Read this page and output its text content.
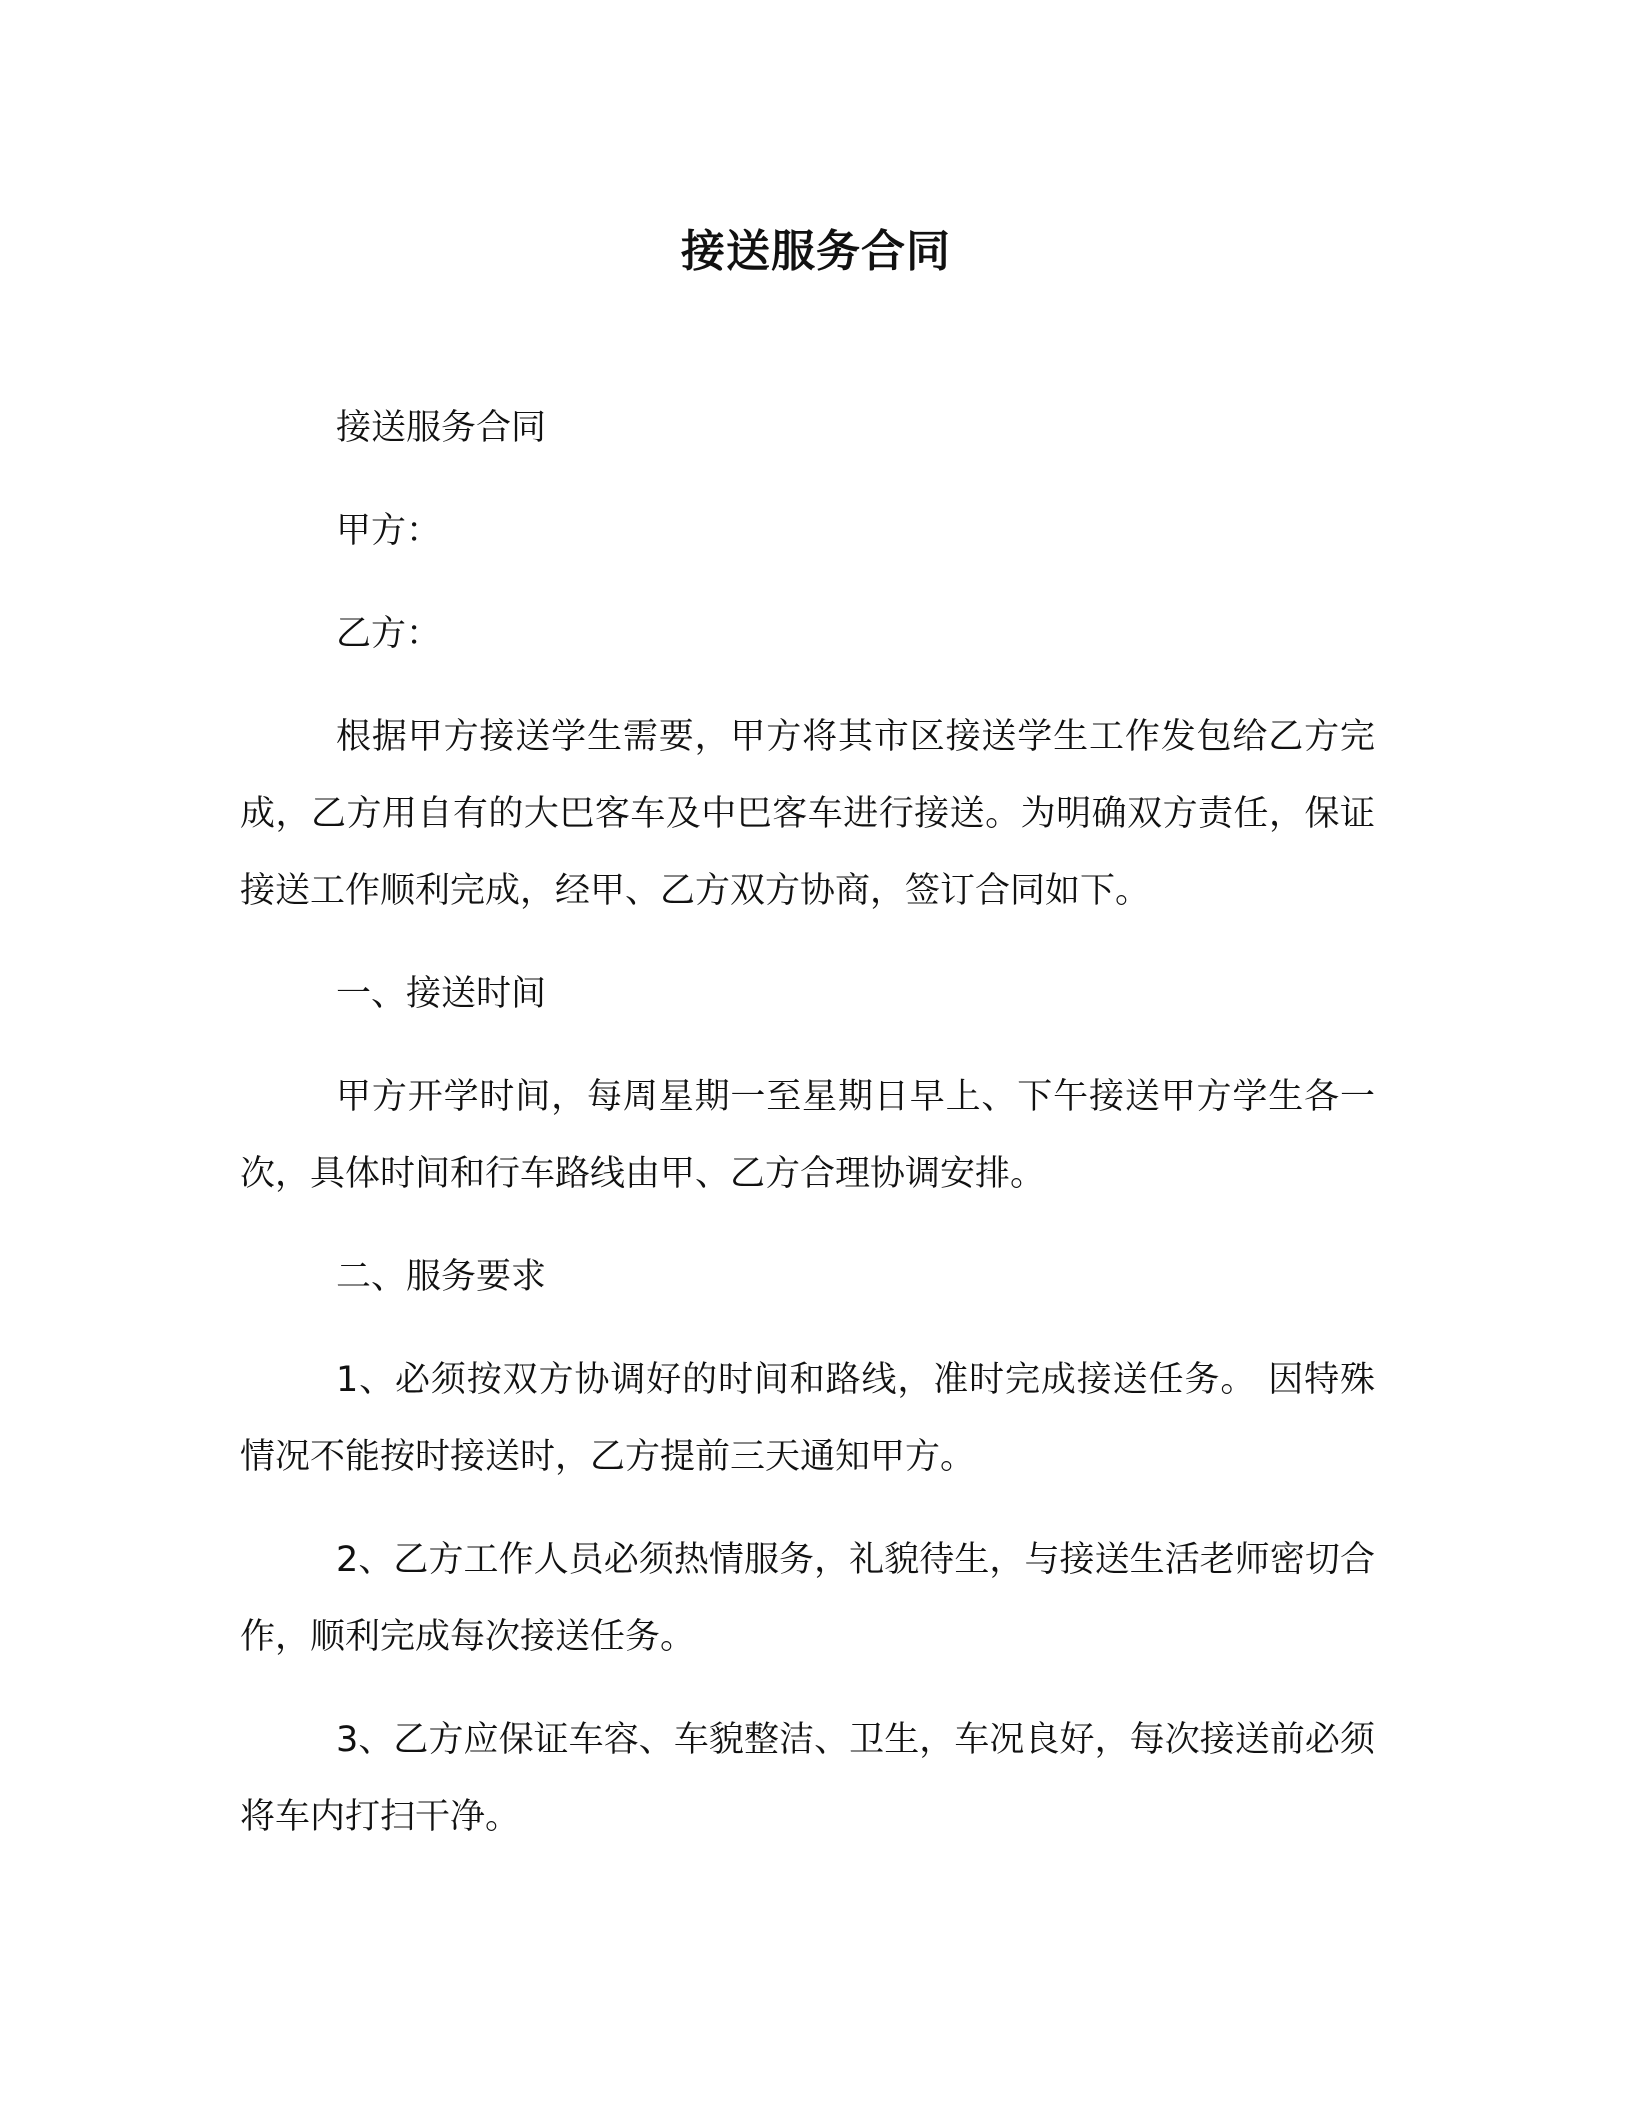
接送服务合同

接送服务合同

甲方：

乙方：

根据甲方接送学生需要，甲方将其市区接送学生工作发包给乙方完成，乙方用自有的大巴客车及中巴客车进行接送。为明确双方责任，保证接送工作顺利完成，经甲、乙方双方协商，签订合同如下。

一、接送时间

甲方开学时间，每周星期一至星期日早上、下午接送甲方学生各一次，具体时间和行车路线由甲、乙方合理协调安排。

二、服务要求

1、必须按双方协调好的时间和路线，准时完成接送任务。 因特殊情况不能按时接送时，乙方提前三天通知甲方。

2、乙方工作人员必须热情服务，礼貌待生，与接送生活老师密切合作，顺利完成每次接送任务。

3、乙方应保证车容、车貌整洁、卫生，车况良好，每次接送前必须将车内打扫干净。
